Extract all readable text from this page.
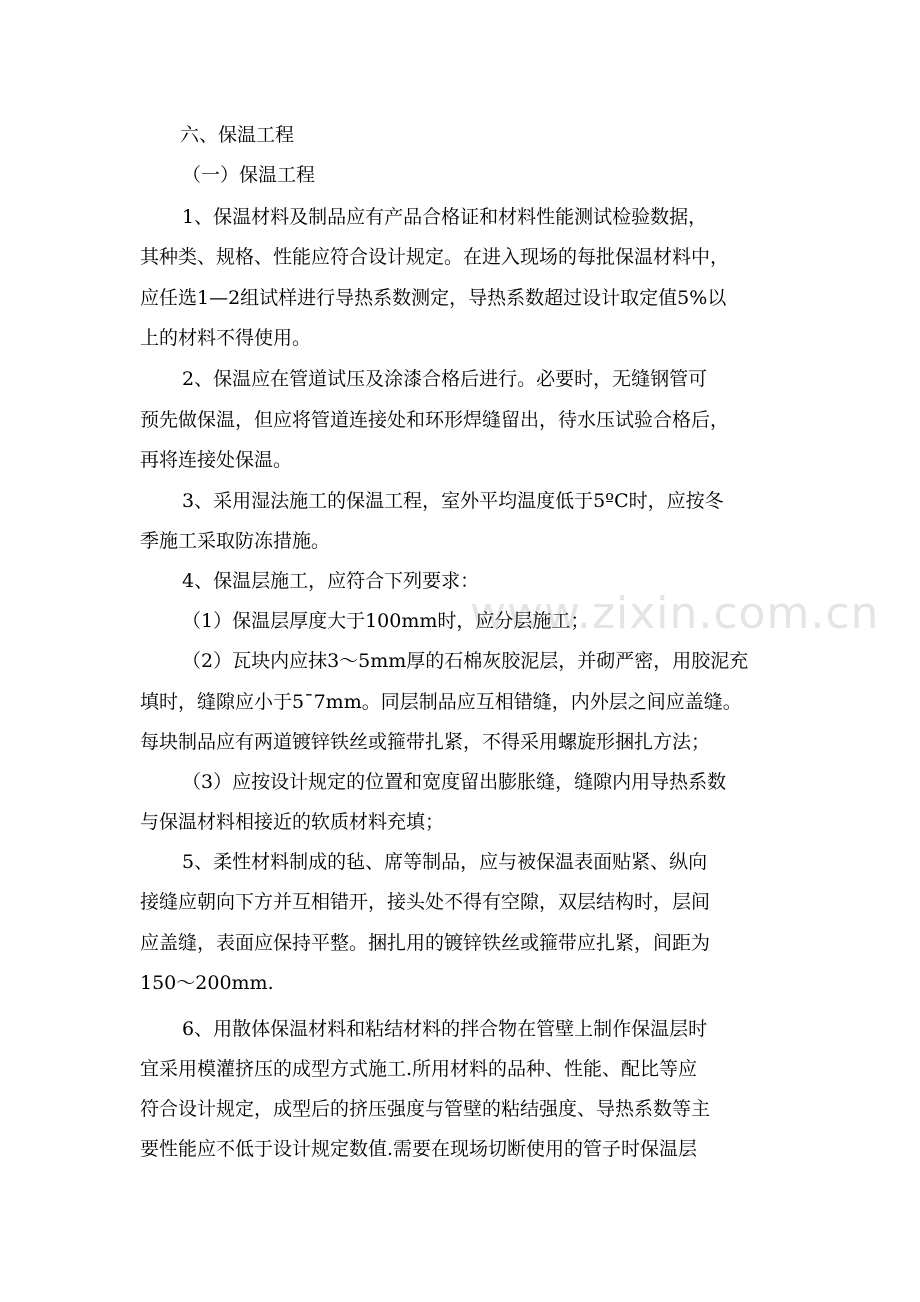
www.zixin.com.cn
六、保温工程
（一）保温工程
1、保温材料及制品应有产品合格证和材料性能测试检验数据，
其种类、规格、性能应符合设计规定。在进入现场的每批保温材料中，
应任选1—2组试样进行导热系数测定，导热系数超过设计取定值5%以
上的材料不得使用。
2、保温应在管道试压及涂漆合格后进行。必要时，无缝钢管可
预先做保温，但应将管道连接处和环形焊缝留出，待水压试验合格后，
再将连接处保温。
3、采用湿法施工的保温工程，室外平均温度低于5ºC时，应按冬
季施工采取防冻措施。
4、保温层施工，应符合下列要求：
（1）保温层厚度大于100mm时，应分层施工；
（2）瓦块内应抹3～5mm厚的石棉灰胶泥层，并砌严密，用胶泥充
填时，缝隙应小于5¯7mm。同层制品应互相错缝，内外层之间应盖缝。
每块制品应有两道镀锌铁丝或箍带扎紧，不得采用螺旋形捆扎方法；
（3）应按设计规定的位置和宽度留出膨胀缝，缝隙内用导热系数
与保温材料相接近的软质材料充填；
5、柔性材料制成的毡、席等制品，应与被保温表面贴紧、纵向
接缝应朝向下方并互相错开，接头处不得有空隙，双层结构时，层间
应盖缝，表面应保持平整。捆扎用的镀锌铁丝或箍带应扎紧，间距为
150～200mm.
6、用散体保温材料和粘结材料的拌合物在管壁上制作保温层时
宜采用模灌挤压的成型方式施工.所用材料的品种、性能、配比等应
符合设计规定，成型后的挤压强度与管壁的粘结强度、导热系数等主
要性能应不低于设计规定数值.需要在现场切断使用的管子时保温层
